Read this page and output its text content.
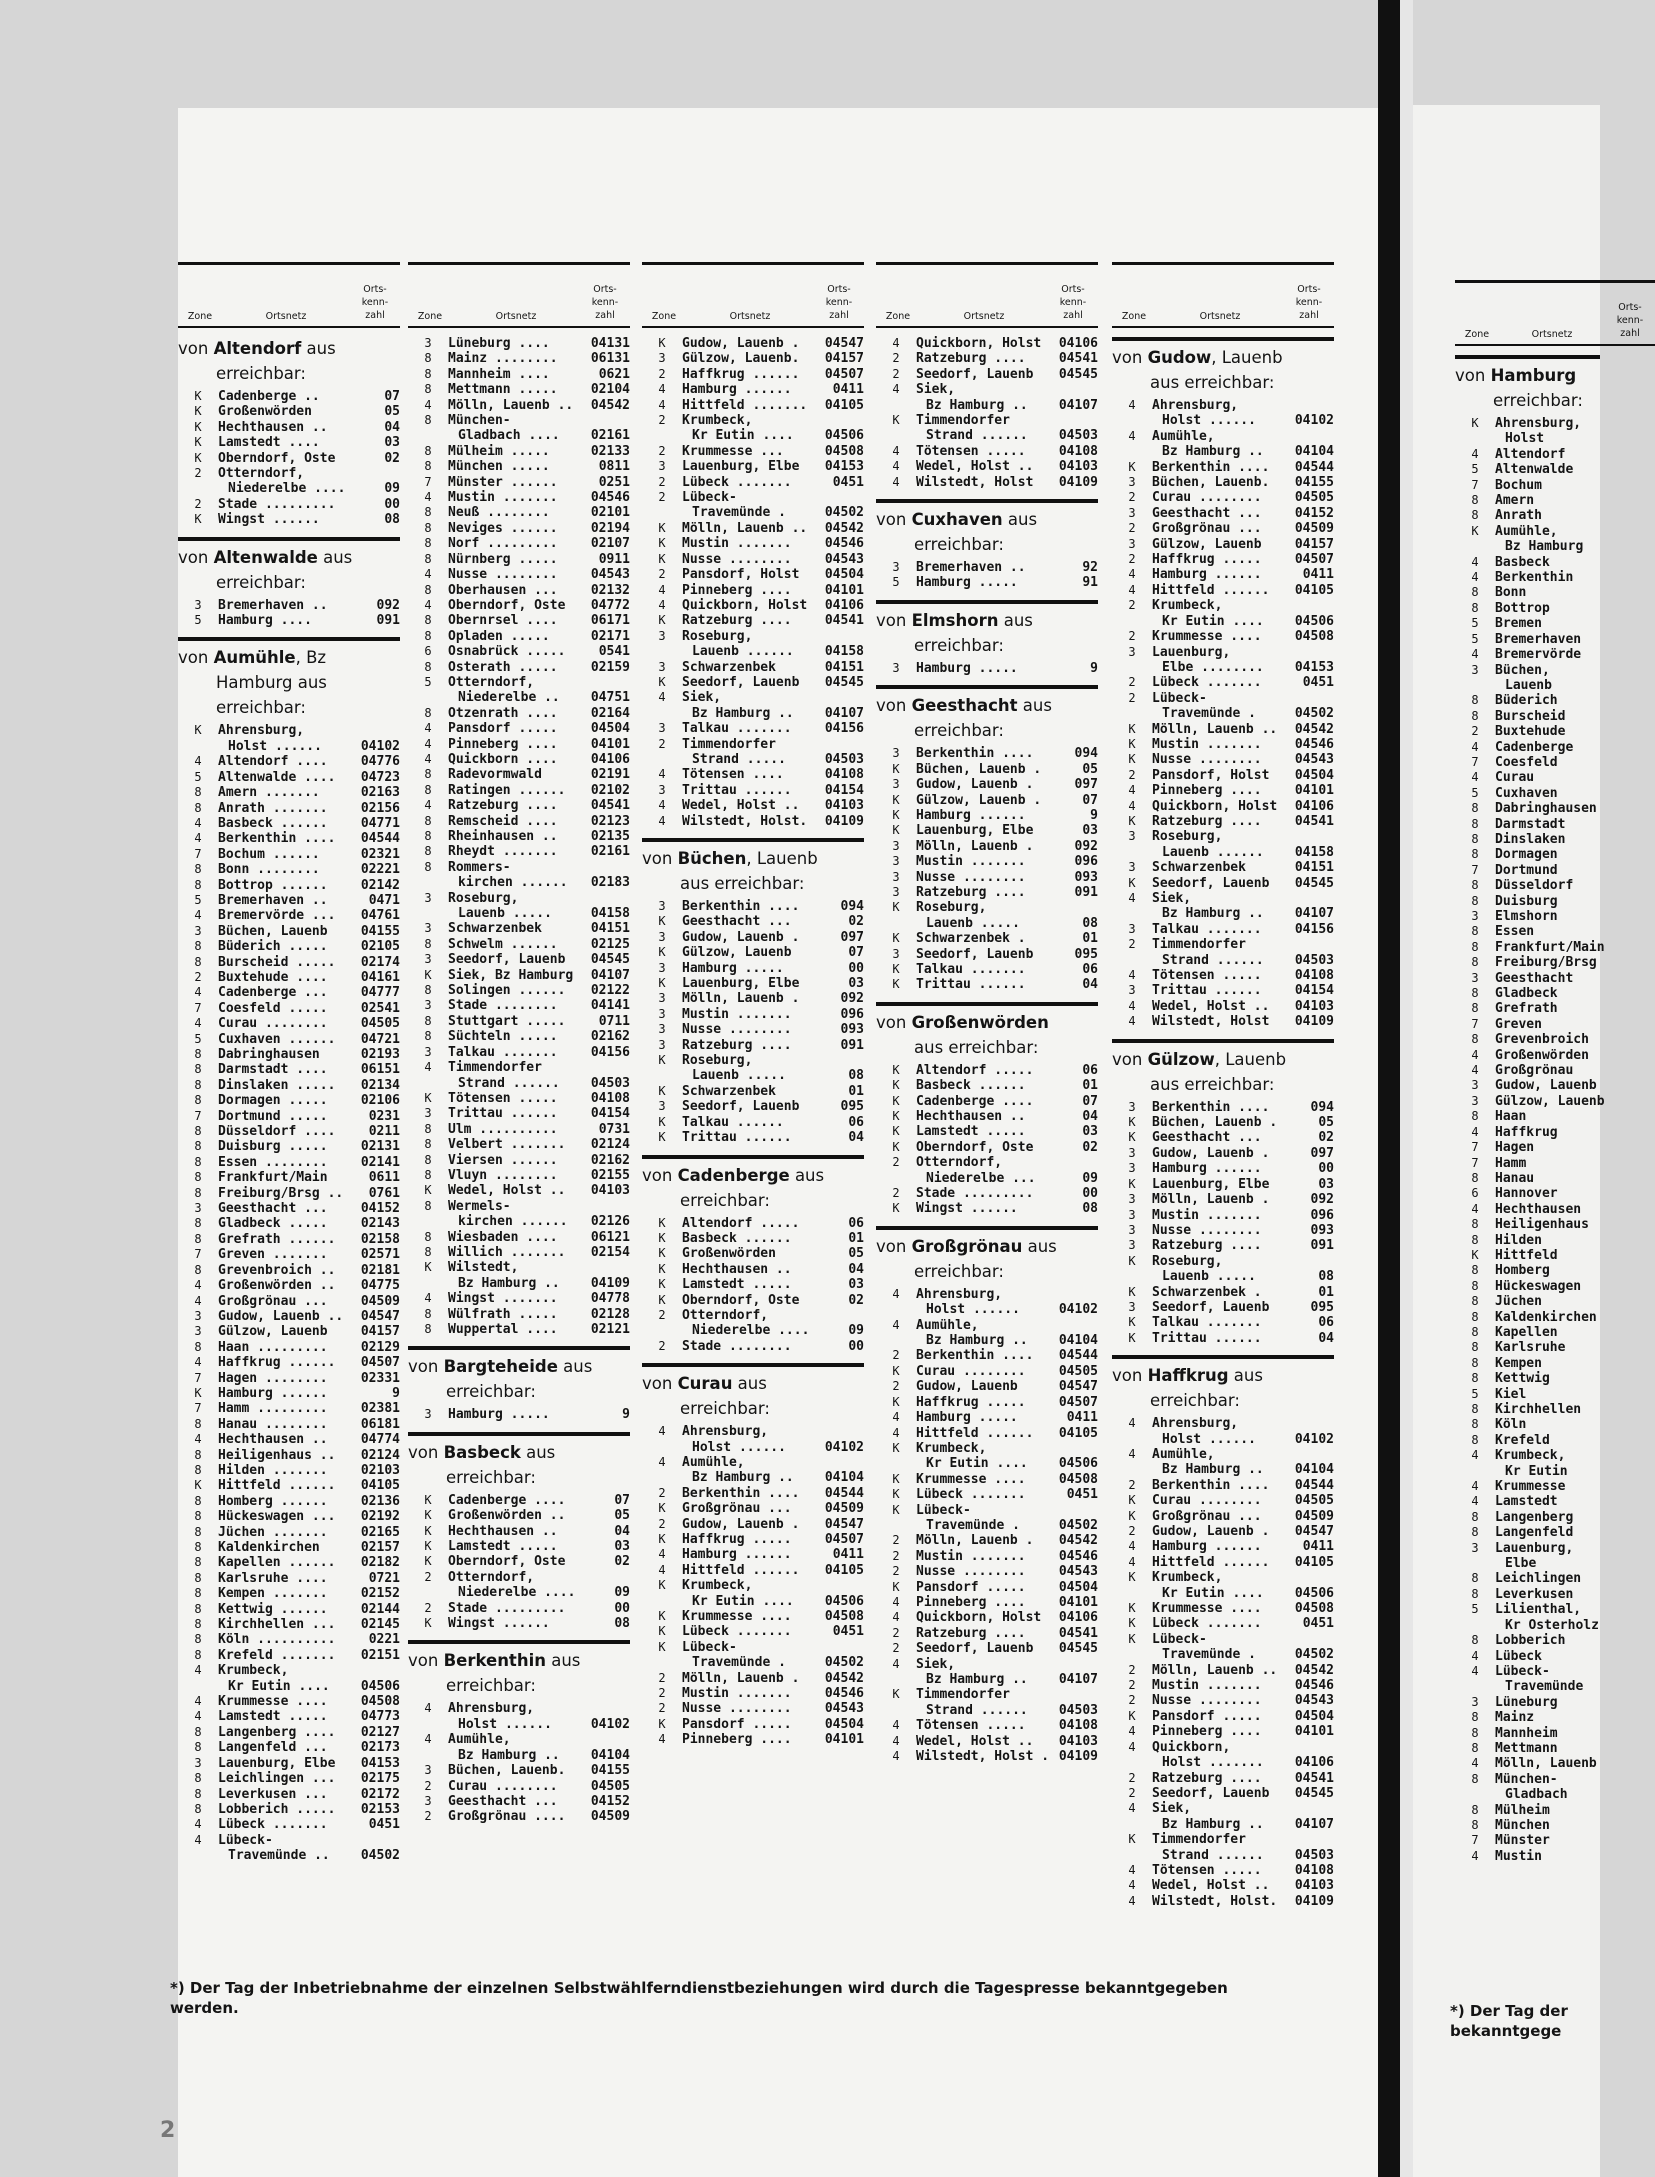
Zone	Ortsnetz
Orts-
kenn-
zahl
von Altendorf aus
erreichbar:
K	Cadenberge ..	07
K	Großenwörden	05
K	Hechthausen ..	04
K	Lamstedt ....	03
K	Oberndorf, Oste	02
2	Otterndorf,
Niederelbe ....	09
2	Stade .........	00
K	Wingst ......	08
von Altenwalde aus
erreichbar:
3	Bremerhaven ..	092
5	Hamburg ....	091
von Aumühle, Bz
Hamburg aus erreichbar:
K	Ahrensburg,
Holst ......	04102
4	Altendorf ....	04776
5	Altenwalde ....	04723
8	Amern .......	02163
8	Anrath .......	02156
4	Basbeck ......	04771
4	Berkenthin ....	04544
7	Bochum ......	02321
8	Bonn ........	02221
8	Bottrop ......	02142
5	Bremerhaven ..	0471
4	Bremervörde ...	04761
3	Büchen, Lauenb	04155
8	Büderich .....	02105
8	Burscheid .....	02174
2	Buxtehude ....	04161
4	Cadenberge ...	04777
7	Coesfeld .....	02541
4	Curau ........	04505
5	Cuxhaven ......	04721
8	Dabringhausen	02193
8	Darmstadt ....	06151
8	Dinslaken .....	02134
8	Dormagen .....	02106
7	Dortmund .....	0231
8	Düsseldorf ....	0211
8	Duisburg .....	02131
8	Essen ........	02141
8	Frankfurt/Main	0611
8	Freiburg/Brsg ..	0761
3	Geesthacht ...	04152
8	Gladbeck .....	02143
8	Grefrath ......	02158
7	Greven .......	02571
8	Grevenbroich ..	02181
4	Großenwörden ..	04775
4	Großgrönau ...	04509
3	Gudow, Lauenb ..	04547
3	Gülzow, Lauenb	04157
8	Haan .........	02129
4	Haffkrug ......	04507
7	Hagen ........	02331
K	Hamburg ......	9
7	Hamm .........	02381
8	Hanau ........	06181
4	Hechthausen ..	04774
8	Heiligenhaus ..	02124
8	Hilden .......	02103
K	Hittfeld ......	04105
8	Homberg ......	02136
8	Hückeswagen ...	02192
8	Jüchen .......	02165
8	Kaldenkirchen	02157
8	Kapellen ......	02182
8	Karlsruhe ....	0721
8	Kempen .......	02152
8	Kettwig ......	02144
8	Kirchhellen ...	02145
8	Köln ..........	0221
8	Krefeld .......	02151
4	Krumbeck,
Kr Eutin ....	04506
4	Krummesse ....	04508
4	Lamstedt .....	04773
8	Langenberg ....	02127
8	Langenfeld ...	02173
3	Lauenburg, Elbe	04153
8	Leichlingen ...	02175
8	Leverkusen ...	02172
8	Lobberich .....	02153
4	Lübeck .......	0451
4	Lübeck-
Travemünde ..	04502
Zone	Ortsnetz
Orts-
kenn-
zahl
3	Lüneburg ....	04131
8	Mainz ........	06131
8	Mannheim ....	0621
8	Mettmann .....	02104
4	Mölln, Lauenb ..	04542
8	München-
Gladbach ....	02161
8	Mülheim .....	02133
8	München .....	0811
7	Münster ......	0251
4	Mustin .......	04546
8	Neuß ........	02101
8	Neviges ......	02194
8	Norf .........	02107
8	Nürnberg .....	0911
4	Nusse ........	04543
8	Oberhausen ...	02132
4	Oberndorf, Oste	04772
8	Obernrsel ....	06171
8	Opladen .....	02171
6	Osnabrück .....	0541
8	Osterath .....	02159
5	Otterndorf,
Niederelbe ..	04751
8	Otzenrath ....	02164
4	Pansdorf .....	04504
4	Pinneberg ....	04101
4	Quickborn ....	04106
8	Radevormwald	02191
8	Ratingen ......	02102
4	Ratzeburg ....	04541
8	Remscheid ....	02123
8	Rheinhausen ..	02135
8	Rheydt .......	02161
8	Rommers-
kirchen ......	02183
3	Roseburg,
Lauenb .....	04158
3	Schwarzenbek	04151
8	Schwelm ......	02125
3	Seedorf, Lauenb	04545
K	Siek, Bz Hamburg	04107
8	Solingen ......	02122
3	Stade ........	04141
8	Stuttgart .....	0711
8	Süchteln .....	02162
3	Talkau .......	04156
4	Timmendorfer
Strand ......	04503
K	Tötensen .....	04108
3	Trittau ......	04154
8	Ulm ..........	0731
8	Velbert .......	02124
8	Viersen ......	02162
8	Vluyn ........	02155
K	Wedel, Holst ..	04103
8	Wermels-
kirchen ......	02126
8	Wiesbaden ....	06121
8	Willich .......	02154
K	Wilstedt,
Bz Hamburg ..	04109
4	Wingst .......	04778
8	Wülfrath .....	02128
8	Wuppertal ....	02121
von Bargteheide aus
erreichbar:
3	Hamburg .....	9
von Basbeck aus
erreichbar:
K	Cadenberge ....	07
K	Großenwörden ..	05
K	Hechthausen ..	04
K	Lamstedt .....	03
K	Oberndorf, Oste	02
2	Otterndorf,
Niederelbe ....	09
2	Stade .........	00
K	Wingst ......	08
von Berkenthin aus
erreichbar:
4	Ahrensburg,
Holst ......	04102
4	Aumühle,
Bz Hamburg ..	04104
3	Büchen, Lauenb.	04155
2	Curau ........	04505
3	Geesthacht ...	04152
2	Großgrönau ....	04509
Zone	Ortsnetz
Orts-
kenn-
zahl
K	Gudow, Lauenb .	04547
3	Gülzow, Lauenb.	04157
2	Haffkrug ......	04507
4	Hamburg ......	0411
4	Hittfeld .......	04105
2	Krumbeck,
Kr Eutin ....	04506
2	Krummesse ...	04508
3	Lauenburg, Elbe	04153
2	Lübeck .......	0451
2	Lübeck-
Travemünde .	04502
K	Mölln, Lauenb ..	04542
K	Mustin .......	04546
K	Nusse ........	04543
2	Pansdorf, Holst	04504
4	Pinneberg ....	04101
4	Quickborn, Holst	04106
K	Ratzeburg ....	04541
3	Roseburg,
Lauenb ......	04158
3	Schwarzenbek	04151
K	Seedorf, Lauenb	04545
4	Siek,
Bz Hamburg ..	04107
3	Talkau .......	04156
2	Timmendorfer
Strand .....	04503
4	Tötensen ....	04108
3	Trittau ......	04154
4	Wedel, Holst ..	04103
4	Wilstedt, Holst.	04109
von Büchen, Lauenb
aus erreichbar:
3	Berkenthin ....	094
K	Geesthacht ...	02
3	Gudow, Lauenb .	097
K	Gülzow, Lauenb	07
3	Hamburg .....	00
K	Lauenburg, Elbe	03
3	Mölln, Lauenb .	092
3	Mustin .......	096
3	Nusse ........	093
3	Ratzeburg ....	091
K	Roseburg,
Lauenb .....	08
K	Schwarzenbek	01
3	Seedorf, Lauenb	095
K	Talkau ......	06
K	Trittau ......	04
von Cadenberge aus
erreichbar:
K	Altendorf .....	06
K	Basbeck ......	01
K	Großenwörden	05
K	Hechthausen ..	04
K	Lamstedt .....	03
K	Oberndorf, Oste	02
2	Otterndorf,
Niederelbe ....	09
2	Stade ........	00
von Curau aus
erreichbar:
4	Ahrensburg,
Holst ......	04102
4	Aumühle,
Bz Hamburg ..	04104
2	Berkenthin ....	04544
K	Großgrönau ...	04509
2	Gudow, Lauenb .	04547
K	Haffkrug .....	04507
4	Hamburg ......	0411
4	Hittfeld ......	04105
K	Krumbeck,
Kr Eutin ....	04506
K	Krummesse ....	04508
K	Lübeck .......	0451
K	Lübeck-
Travemünde .	04502
2	Mölln, Lauenb .	04542
2	Mustin .......	04546
2	Nusse ........	04543
K	Pansdorf .....	04504
4	Pinneberg ....	04101
Zone	Ortsnetz
Orts-
kenn-
zahl
4	Quickborn, Holst	04106
2	Ratzeburg ....	04541
2	Seedorf, Lauenb	04545
4	Siek,
Bz Hamburg ..	04107
K	Timmendorfer
Strand ......	04503
4	Tötensen .....	04108
4	Wedel, Holst ..	04103
4	Wilstedt, Holst	04109
von Cuxhaven aus
erreichbar:
3	Bremerhaven ..	92
5	Hamburg .....	91
von Elmshorn aus
erreichbar:
3	Hamburg .....	9
von Geesthacht aus
erreichbar:
3	Berkenthin ....	094
K	Büchen, Lauenb .	05
3	Gudow, Lauenb .	097
K	Gülzow, Lauenb .	07
K	Hamburg ......	9
K	Lauenburg, Elbe	03
3	Mölln, Lauenb .	092
3	Mustin .......	096
3	Nusse ........	093
3	Ratzeburg ....	091
K	Roseburg,
Lauenb .....	08
K	Schwarzenbek .	01
3	Seedorf, Lauenb	095
K	Talkau .......	06
K	Trittau ......	04
von Großenwörden
aus erreichbar:
K	Altendorf .....	06
K	Basbeck ......	01
K	Cadenberge ....	07
K	Hechthausen ..	04
K	Lamstedt .....	03
K	Oberndorf, Oste	02
2	Otterndorf,
Niederelbe ...	09
2	Stade .........	00
K	Wingst ......	08
von Großgrönau aus
erreichbar:
4	Ahrensburg,
Holst ......	04102
4	Aumühle,
Bz Hamburg ..	04104
2	Berkenthin ....	04544
K	Curau ........	04505
2	Gudow, Lauenb	04547
K	Haffkrug .....	04507
4	Hamburg .....	0411
4	Hittfeld ......	04105
K	Krumbeck,
Kr Eutin ....	04506
K	Krummesse ....	04508
K	Lübeck .......	0451
K	Lübeck-
Travemünde .	04502
2	Mölln, Lauenb .	04542
2	Mustin .......	04546
2	Nusse ........	04543
K	Pansdorf .....	04504
4	Pinneberg ....	04101
4	Quickborn, Holst	04106
2	Ratzeburg ....	04541
2	Seedorf, Lauenb	04545
4	Siek,
Bz Hamburg ..	04107
K	Timmendorfer
Strand ......	04503
4	Tötensen .....	04108
4	Wedel, Holst ..	04103
4	Wilstedt, Holst . 04109
Zone	Ortsnetz
Orts-
kenn-
zahl
von Gudow, Lauenb
aus erreichbar:
4	Ahrensburg,
Holst ......	04102
4	Aumühle,
Bz Hamburg ..	04104
K	Berkenthin ....	04544
3	Büchen, Lauenb.	04155
2	Curau ........	04505
3	Geesthacht ...	04152
2	Großgrönau ...	04509
3	Gülzow, Lauenb	04157
2	Haffkrug .....	04507
4	Hamburg ......	0411
4	Hittfeld ......	04105
2	Krumbeck,
Kr Eutin ....	04506
2	Krummesse ....	04508
3	Lauenburg,
Elbe ........	04153
2	Lübeck .......	0451
2	Lübeck-
Travemünde .	04502
K	Mölln, Lauenb ..	04542
K	Mustin .......	04546
K	Nusse ........	04543
2	Pansdorf, Holst	04504
4	Pinneberg ....	04101
4	Quickborn, Holst	04106
K	Ratzeburg ....	04541
3	Roseburg,
Lauenb ......	04158
3	Schwarzenbek	04151
K	Seedorf, Lauenb	04545
4	Siek,
Bz Hamburg ..	04107
3	Talkau .......	04156
2	Timmendorfer
Strand ......	04503
4	Tötensen .....	04108
3	Trittau ......	04154
4	Wedel, Holst ..	04103
4	Wilstedt, Holst	04109
von Gülzow, Lauenb
aus erreichbar:
3	Berkenthin ....	094
K	Büchen, Lauenb .	05
K	Geesthacht ...	02
3	Gudow, Lauenb .	097
3	Hamburg ......	00
K	Lauenburg, Elbe	03
3	Mölln, Lauenb .	092
3	Mustin .......	096
3	Nusse ........	093
3	Ratzeburg ....	091
K	Roseburg,
Lauenb .....	08
K	Schwarzenbek .	01
3	Seedorf, Lauenb	095
K	Talkau .......	06
K	Trittau ......	04
von Haffkrug aus
erreichbar:
4	Ahrensburg,
Holst ......	04102
4	Aumühle,
Bz Hamburg ..	04104
2	Berkenthin ....	04544
K	Curau ........	04505
K	Großgrönau ...	04509
2	Gudow, Lauenb .	04547
4	Hamburg ......	0411
4	Hittfeld ......	04105
K	Krumbeck,
Kr Eutin ....	04506
K	Krummesse ....	04508
K	Lübeck .......	0451
K	Lübeck-
Travemünde .	04502
2	Mölln, Lauenb ..	04542
2	Mustin .......	04546
2	Nusse ........	04543
K	Pansdorf .....	04504
4	Pinneberg ....	04101
4	Quickborn,
Holst .......	04106
2	Ratzeburg ....	04541
2	Seedorf, Lauenb	04545
4	Siek,
Bz Hamburg ..	04107
K	Timmendorfer
Strand ......	04503
4	Tötensen .....	04108
4	Wedel, Holst ..	04103
4	Wilstedt, Holst.	04109
Zone	Ortsnetz
Orts-
kenn-
zahl
von Hamburg
erreichbar:
K	Ahrensburg,
Holst
4	Altendorf
5	Altenwalde
7	Bochum
8	Amern
8	Anrath
K	Aumühle,
Bz Hamburg
4	Basbeck
4	Berkenthin
8	Bonn
8	Bottrop
5	Bremen
5	Bremerhaven
4	Bremervörde
3	Büchen,
Lauenb
8	Büderich
8	Burscheid
2	Buxtehude
4	Cadenberge
7	Coesfeld
4	Curau
5	Cuxhaven
8	Dabringhausen
8	Darmstadt
8	Dinslaken
8	Dormagen
7	Dortmund
8	Düsseldorf
8	Duisburg
3	Elmshorn
8	Essen
8	Frankfurt/Main
8	Freiburg/Brsg
3	Geesthacht
8	Gladbeck
8	Grefrath
7	Greven
8	Grevenbroich
4	Großenwörden
4	Großgrönau
3	Gudow, Lauenb
3	Gülzow, Lauenb
8	Haan
4	Haffkrug
7	Hagen
7	Hamm
8	Hanau
6	Hannover
4	Hechthausen
8	Heiligenhaus
8	Hilden
K	Hittfeld
8	Homberg
8	Hückeswagen
8	Jüchen
8	Kaldenkirchen
8	Kapellen
8	Karlsruhe
8	Kempen
8	Kettwig
5	Kiel
8	Kirchhellen
8	Köln
8	Krefeld
4	Krumbeck,
Kr Eutin
4	Krummesse
4	Lamstedt
8	Langenberg
8	Langenfeld
3	Lauenburg,
Elbe
8	Leichlingen
8	Leverkusen
5	Lilienthal,
Kr Osterholz
8	Lobberich
4	Lübeck
4	Lübeck-
Travemünde
3	Lüneburg
8	Mainz
8	Mannheim
8	Mettmann
4	Mölln, Lauenb
8	München-
Gladbach
8	Mülheim
8	München
7	Münster
4	Mustin
*) Der Tag der Inbetriebnahme der einzelnen Selbstwählferndienstbeziehungen wird durch die Tagespresse bekanntgegeben werden.	*) Der Tag der
bekanntgege
2
